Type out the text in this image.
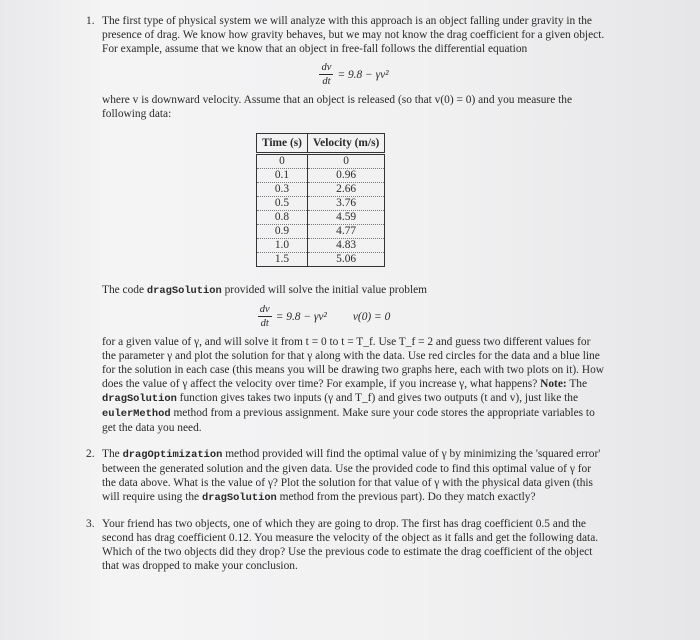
1. The first type of physical system we will analyze with this approach is an object falling under gravity in the presence of drag. We know how gravity behaves, but we may not know the drag coefficient for a given object. For example, assume that we know that an object in free-fall follows the differential equation

$\frac{dv}{dt} = 9.8 - \gamma v^2$

where v is downward velocity. Assume that an object is released (so that v(0) = 0) and you measure the following data:

Time (s)	Velocity (m/s)
0	0
0.1	0.96
0.3	2.66
0.5	3.76
0.8	4.59
0.9	4.77
1.0	4.83
1.5	5.06

The code dragSolution provided will solve the initial value problem

$\frac{dv}{dt} = 9.8 - \gamma v^2$ v(0) = 0

for a given value of γ, and will solve it from t = 0 to t = T_f. Use T_f = 2 and guess two different values for the parameter γ and plot the solution for that γ along with the data. Use red circles for the data and a blue line for the solution in each case (this means you will be drawing two graphs here, each with two plots on it). How does the value of γ affect the velocity over time? For example, if you increase γ, what happens? Note: The dragSolution function gives takes two inputs (γ and T_f) and gives two outputs (t and v), just like the eulerMethod method from a previous assignment. Make sure your code stores the appropriate variables to get the data you need.

2. The dragOptimization method provided will find the optimal value of γ by minimizing the 'squared error' between the generated solution and the given data. Use the provided code to find this optimal value of γ for the data above. What is the value of γ? Plot the solution for that value of γ with the physical data given (this will require using the dragSolution method from the previous part). Do they match exactly?

3. Your friend has two objects, one of which they are going to drop. The first has drag coefficient 0.5 and the second has drag coefficient 0.12. You measure the velocity of the object as it falls and get the following data. Which of the two objects did they drop? Use the previous code to estimate the drag coefficient of the object that was dropped to make your conclusion.
